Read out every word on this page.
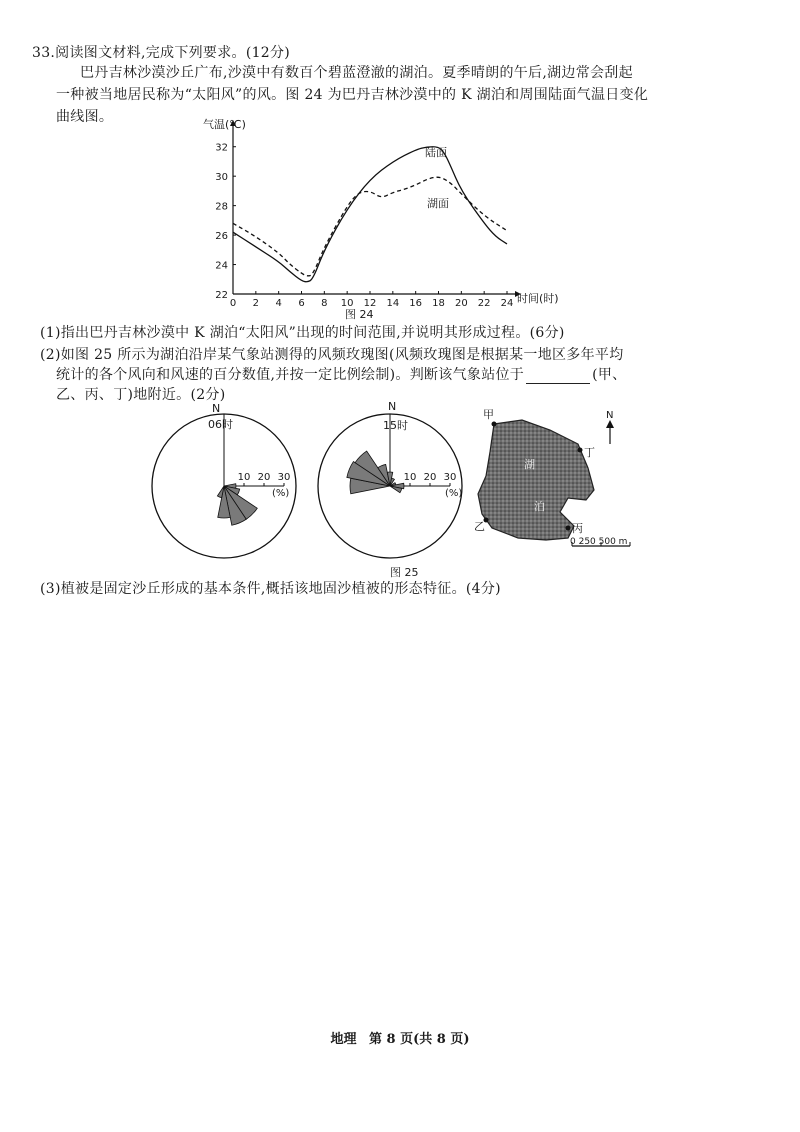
33.阅读图文材料,完成下列要求。(12分)
巴丹吉林沙漠沙丘广布,沙漠中有数百个碧蓝澄澈的湖泊。夏季晴朗的午后,湖边常会刮起
一种被当地居民称为“太阳风”的风。图 24 为巴丹吉林沙漠中的 K 湖泊和周围陆面气温日变化
曲线图。
0 2 4 6 8 10 12 14 16 18 20 22 24
22
24
26
28
30
32
气温(℃)
时间(时)
陆面
湖面
图 24
(1)指出巴丹吉林沙漠中 K 湖泊“太阳风”出现的时间范围,并说明其形成过程。(6分)
(2)如图 25 所示为湖泊沿岸某气象站测得的风频玫瑰图(风频玫瑰图是根据某一地区多年平均
统计的各个风向和风速的百分数值,并按一定比例绘制)。判断该气象站位于	(甲、
乙、丙、丁)地附近。(2分)
10 20 30	10 20 30
N
06时
(%)
N
15时
(%)
湖
泊
甲
丁
乙	丙
N
0 250 500 m
图 25
(3)植被是固定沙丘形成的基本条件,概括该地固沙植被的形态特征。(4分)
地理 第 8 页(共 8 页)
